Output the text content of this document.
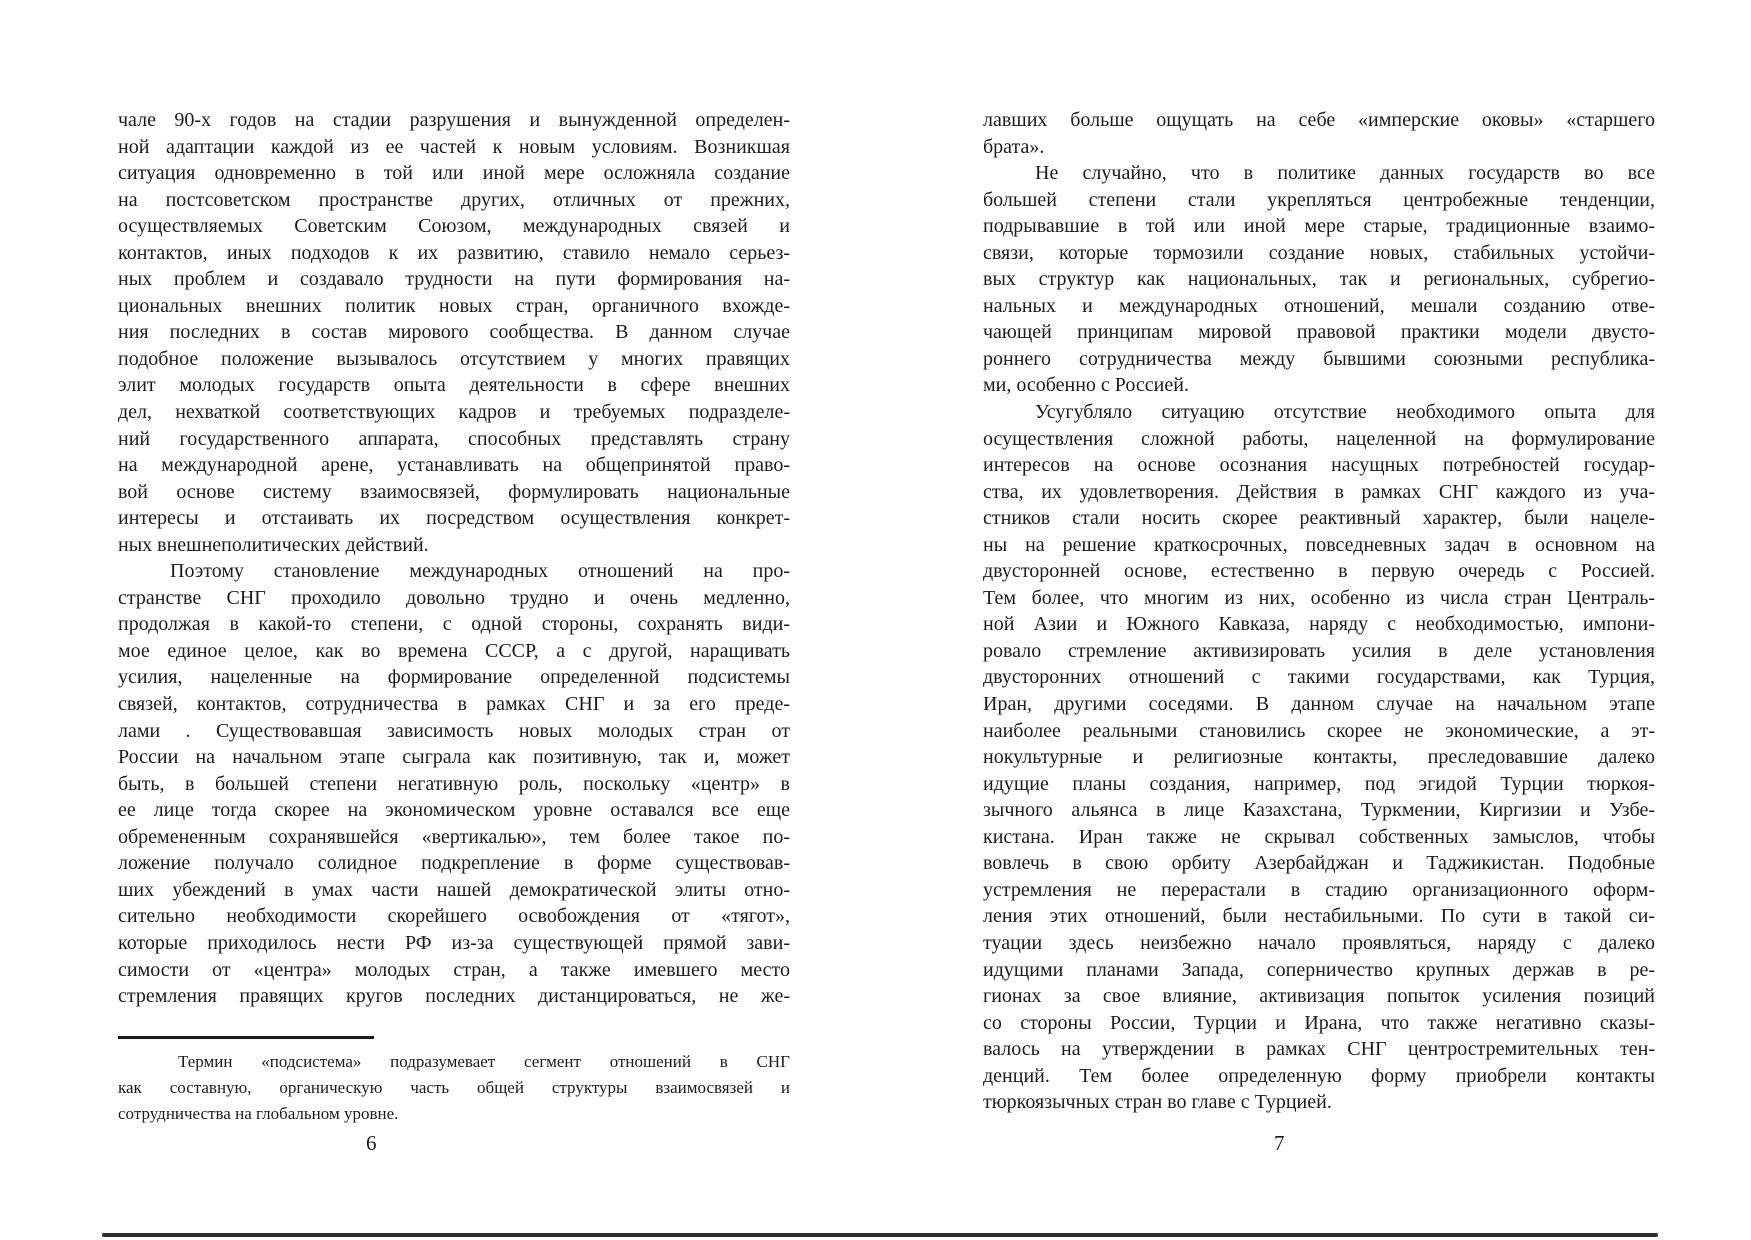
чале 90-х годов на стадии разрушения и вынужденной определен-
ной адаптации каждой из ее частей к новым условиям. Возникшая
ситуация одновременно в той или иной мере осложняла создание
на постсоветском пространстве других, отличных от прежних,
осуществляемых Советским Союзом, международных связей и
контактов, иных подходов к их развитию, ставило немало серьез-
ных проблем и создавало трудности на пути формирования на-
циональных внешних политик новых стран, органичного вхожде-
ния последних в состав мирового сообщества. В данном случае
подобное положение вызывалось отсутствием у многих правящих
элит молодых государств опыта деятельности в сфере внешних
дел, нехваткой соответствующих кадров и требуемых подразделе-
ний государственного аппарата, способных представлять страну
на международной арене, устанавливать на общепринятой право-
вой основе систему взаимосвязей, формулировать национальные
интересы и отстаивать их посредством осуществления конкрет-
ных внешнеполитических действий.
Поэтому становление международных отношений на про-
странстве СНГ проходило довольно трудно и очень медленно,
продолжая в какой-то степени, с одной стороны, сохранять види-
мое единое целое, как во времена СССР, а с другой, наращивать
усилия, нацеленные на формирование определенной подсистемы
связей, контактов, сотрудничества в рамках СНГ и за его преде-
лами . Существовавшая зависимость новых молодых стран от
России на начальном этапе сыграла как позитивную, так и, может
быть, в большей степени негативную роль, поскольку «центр» в
ее лице тогда скорее на экономическом уровне оставался все еще
обремененным сохранявшейся «вертикалью», тем более такое по-
ложение получало солидное подкрепление в форме существовав-
ших убеждений в умах части нашей демократической элиты отно-
сительно необходимости скорейшего освобождения от «тягот»,
которые приходилось нести РФ из-за существующей прямой зави-
симости от «центра» молодых стран, а также имевшего место
стремления правящих кругов последних дистанцироваться, не же-
Термин «подсистема» подразумевает сегмент отношений в СНГ
как составную, органическую часть общей структуры взаимосвязей и
сотрудничества на глобальном уровне.
6
лавших больше ощущать на себе «имперские оковы» «старшего
брата».
Не случайно, что в политике данных государств во все
большей степени стали укрепляться центробежные тенденции,
подрывавшие в той или иной мере старые, традиционные взаимо-
связи, которые тормозили создание новых, стабильных устойчи-
вых структур как национальных, так и региональных, субрегио-
нальных и международных отношений, мешали созданию отве-
чающей принципам мировой правовой практики модели двусто-
роннего сотрудничества между бывшими союзными республика-
ми, особенно с Россией.
Усугубляло ситуацию отсутствие необходимого опыта для
осуществления сложной работы, нацеленной на формулирование
интересов на основе осознания насущных потребностей государ-
ства, их удовлетворения. Действия в рамках СНГ каждого из уча-
стников стали носить скорее реактивный характер, были нацеле-
ны на решение краткосрочных, повседневных задач в основном на
двусторонней основе, естественно в первую очередь с Россией.
Тем более, что многим из них, особенно из числа стран Централь-
ной Азии и Южного Кавказа, наряду с необходимостью, импони-
ровало стремление активизировать усилия в деле установления
двусторонних отношений с такими государствами, как Турция,
Иран, другими соседями. В данном случае на начальном этапе
наиболее реальными становились скорее не экономические, а эт-
нокультурные и религиозные контакты, преследовавшие далеко
идущие планы создания, например, под эгидой Турции тюркоя-
зычного альянса в лице Казахстана, Туркмении, Киргизии и Узбе-
кистана. Иран также не скрывал собственных замыслов, чтобы
вовлечь в свою орбиту Азербайджан и Таджикистан. Подобные
устремления не перерастали в стадию организационного оформ-
ления этих отношений, были нестабильными. По сути в такой си-
туации здесь неизбежно начало проявляться, наряду с далеко
идущими планами Запада, соперничество крупных держав в ре-
гионах за свое влияние, активизация попыток усиления позиций
со стороны России, Турции и Ирана, что также негативно сказы-
валось на утверждении в рамках СНГ центростремительных тен-
денций. Тем более определенную форму приобрели контакты
тюркоязычных стран во главе с Турцией.
7
